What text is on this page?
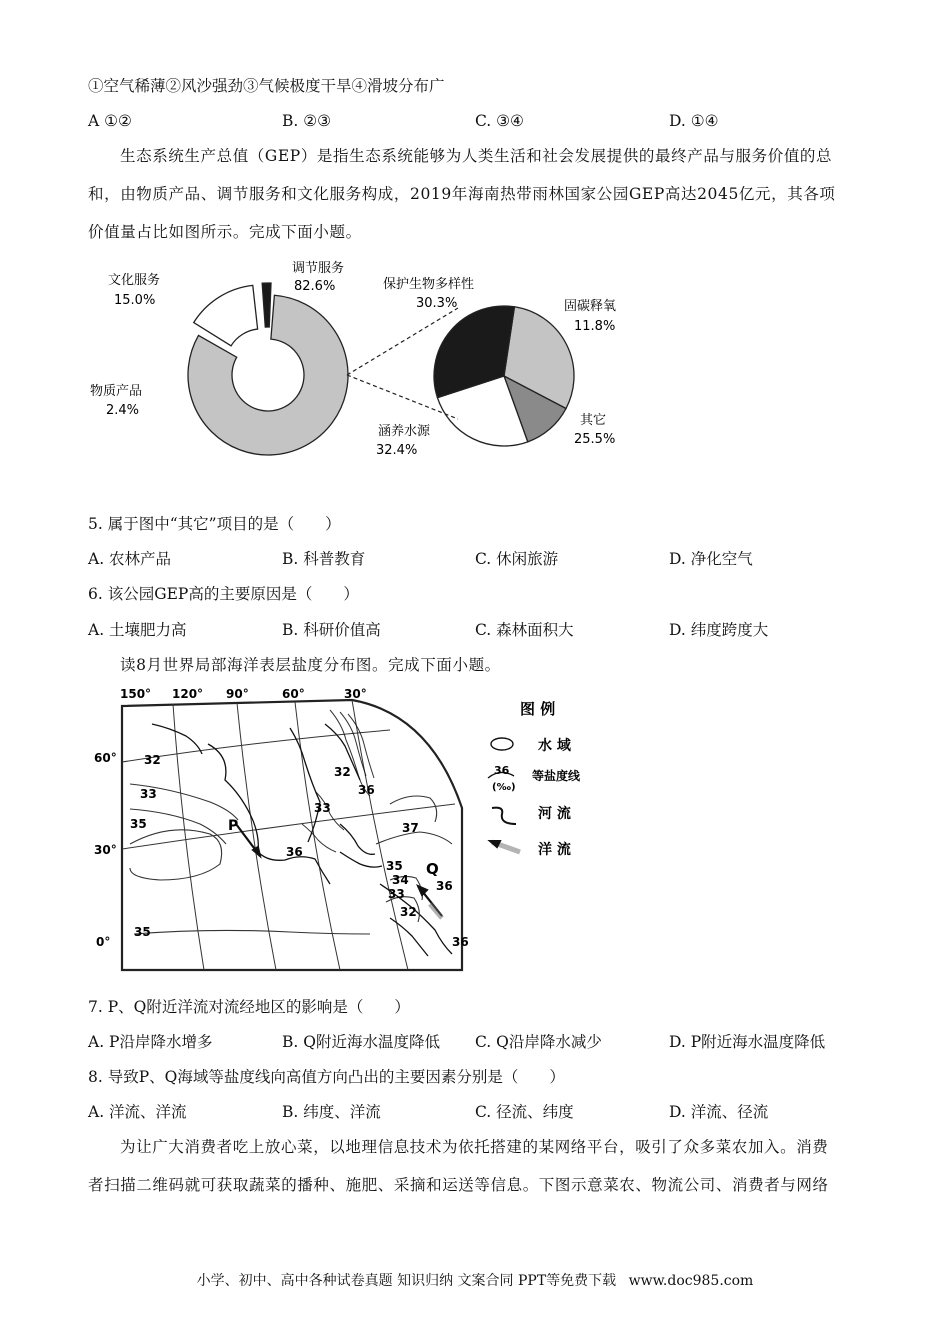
①空气稀薄②风沙强劲③气候极度干旱④滑坡分布广
A ①②	B. ②③	C. ③④	D. ①④
生态系统生产总值（GEP）是指生态系统能够为人类生活和社会发展提供的最终产品与服务价值的总
和，由物质产品、调节服务和文化服务构成，2019年海南热带雨林国家公园GEP高达2045亿元，其各项
价值量占比如图所示。完成下面小题。
文化服务
15.0%
调节服务
82.6%
物质产品
2.4%
保护生物多样性
30.3%	固碳释氧
11.8%
其它
25.5%
涵养水源
32.4%
5. 属于图中“其它”项目的是（　　）
A. 农林产品	B. 科普教育	C. 休闲旅游	D. 净化空气
6. 该公园GEP高的主要原因是（　　）
A. 土壤肥力高	B. 科研价值高	C. 森林面积大	D. 纬度跨度大
读8月世界局部海洋表层盐度分布图。完成下面小题。
150° 120° 90°	60°	30°
60°
30°
0°
32
33
35
32
33
36
37
36
35
34 36
33
32
36
35
P
Q
图 例
水 域
36
(‰)
等盐度线
河 流
洋 流
7. P、Q附近洋流对流经地区的影响是（　　）
A. P沿岸降水增多	B. Q附近海水温度降低 C. Q沿岸降水减少	D. P附近海水温度降低
8. 导致P、Q海域等盐度线向高值方向凸出的主要因素分别是（　　）
A. 洋流、洋流	B. 纬度、洋流	C. 径流、纬度	D. 洋流、径流
为让广大消费者吃上放心菜，以地理信息技术为依托搭建的某网络平台，吸引了众多菜农加入。消费
者扫描二维码就可获取蔬菜的播种、施肥、采摘和运送等信息。下图示意菜农、物流公司、消费者与网络
小学、初中、高中各种试卷真题 知识归纳 文案合同 PPT等免费下载 www.doc985.com
